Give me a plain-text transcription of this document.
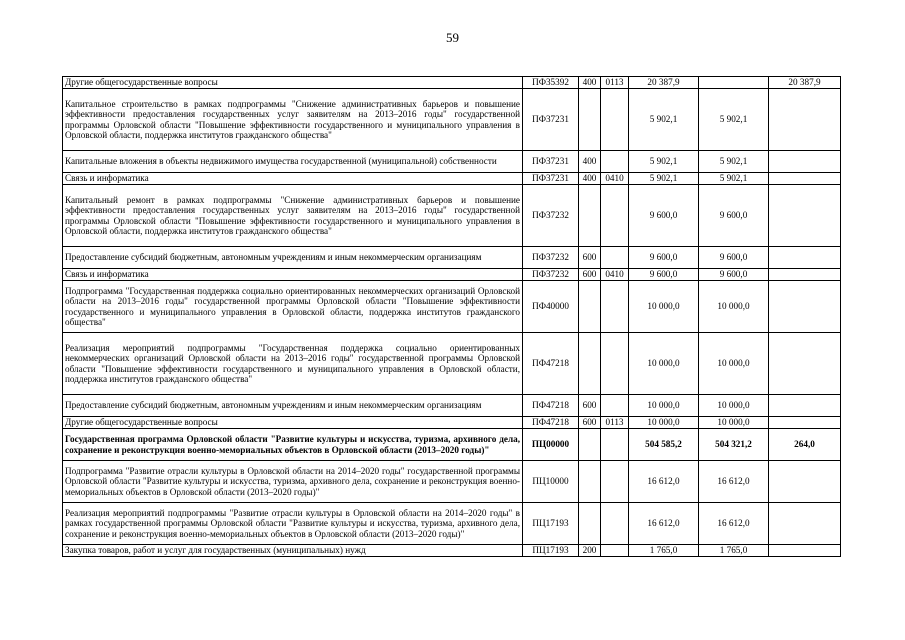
59
Другие общегосударственные вопросы	ПФ35392	400	0113	20 387,9		20 387,9
Капитальное строительство в рамках подпрограммы "Снижение административных барьеров и повышение эффективности предоставления государственных услуг заявителям на 2013–2016 годы" государственной программы Орловской области "Повышение эффективности государственного и муниципального управления в Орловской области, поддержка институтов гражданского общества"	ПФ37231			5 902,1	5 902,1	
Капитальные вложения в объекты недвижимого имущества государственной (муниципальной) собственности	ПФ37231	400		5 902,1	5 902,1	
Связь и информатика	ПФ37231	400	0410	5 902,1	5 902,1	
Капитальный ремонт в рамках подпрограммы "Снижение административных барьеров и повышение эффективности предоставления государственных услуг заявителям на 2013–2016 годы" государственной программы Орловской области "Повышение эффективности государственного и муниципального управления в Орловской области, поддержка институтов гражданского общества"	ПФ37232			9 600,0	9 600,0	
Предоставление субсидий бюджетным, автономным учреждениям и иным некоммерческим организациям	ПФ37232	600		9 600,0	9 600,0	
Связь и информатика	ПФ37232	600	0410	9 600,0	9 600,0	
Подпрограмма "Государственная поддержка социально ориентированных некоммерческих организаций Орловской области на 2013–2016 годы" государственной программы Орловской области "Повышение эффективности государственного и муниципального управления в Орловской области, поддержка институтов гражданского общества"	ПФ40000			10 000,0	10 000,0	
Реализация мероприятий подпрограммы "Государственная поддержка социально ориентированных некоммерческих организаций Орловской области на 2013–2016 годы" государственной программы Орловской области "Повышение эффективности государственного и муниципального управления в Орловской области, поддержка институтов гражданского общества"	ПФ47218			10 000,0	10 000,0	
Предоставление субсидий бюджетным, автономным учреждениям и иным некоммерческим организациям	ПФ47218	600		10 000,0	10 000,0	
Другие общегосударственные вопросы	ПФ47218	600	0113	10 000,0	10 000,0	
Государственная программа Орловской области "Развитие культуры и искусства, туризма, архивного дела, сохранение и реконструкция военно-мемориальных объектов в Орловской области (2013–2020 годы)"	ПЦ00000			504 585,2	504 321,2	264,0
Подпрограмма "Развитие отрасли культуры в Орловской области на 2014–2020 годы" государственной программы Орловской области "Развитие культуры и искусства, туризма, архивного дела, сохранение и реконструкция военно-мемориальных объектов в Орловской области (2013–2020 годы)"	ПЦ10000			16 612,0	16 612,0	
Реализация мероприятий подпрограммы "Развитие отрасли культуры в Орловской области на 2014–2020 годы" в рамках государственной программы Орловской области "Развитие культуры и искусства, туризма, архивного дела, сохранение и реконструкция военно-мемориальных объектов в Орловской области (2013–2020 годы)"	ПЦ17193			16 612,0	16 612,0	
Закупка товаров, работ и услуг для государственных (муниципальных) нужд	ПЦ17193	200		1 765,0	1 765,0	
